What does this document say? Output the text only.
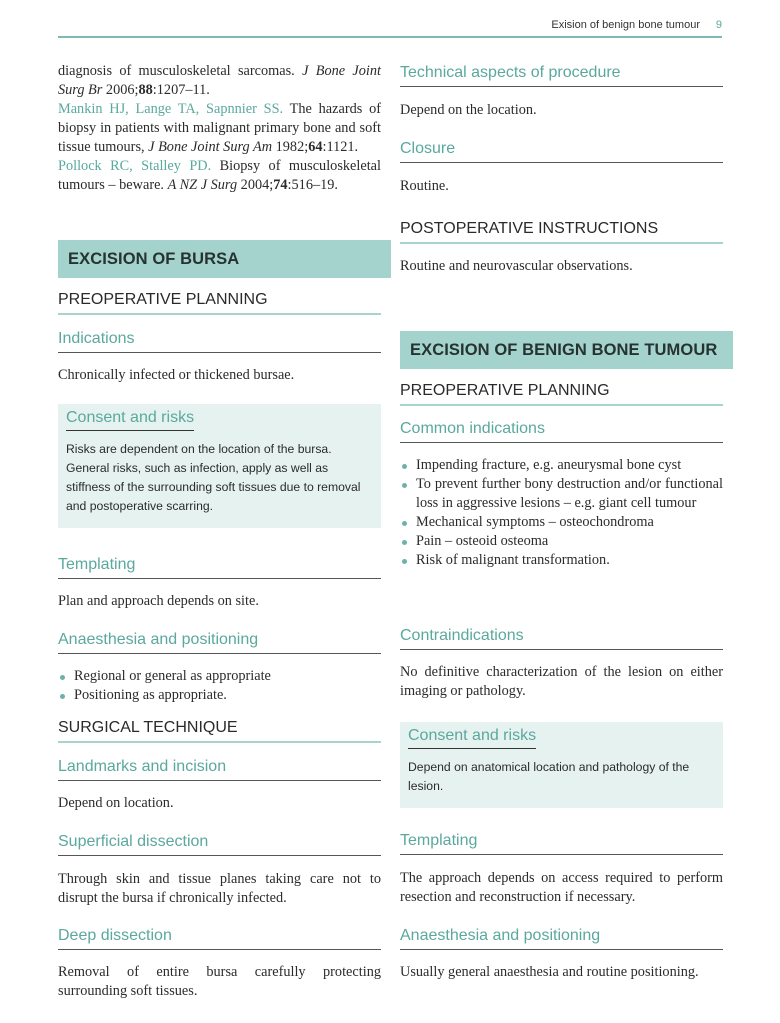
Exision of benign bone tumour 9

diagnosis of musculoskeletal sarcomas. J Bone Joint Surg Br 2006;88:1207–11.

Mankin HJ, Lange TA, Sapnnier SS. The hazards of biopsy in patients with malignant primary bone and soft tissue tumours, J Bone Joint Surg Am 1982;64:1121.

Pollock RC, Stalley PD. Biopsy of musculoskeletal tumours – beware. A NZ J Surg 2004;74:516–19.

EXCISION OF BURSA
PREOPERATIVE PLANNING
Indications

Chronically infected or thickened bursae.

Consent and risks
Risks are dependent on the location of the bursa. General risks, such as infection, apply as well as stiffness of the surrounding soft tissues due to removal and postoperative scarring.
Templating

Plan and approach depends on site.

Anaesthesia and positioning
Regional or general as appropriate
Positioning as appropriate.
SURGICAL TECHNIQUE
Landmarks and incision

Depend on location.

Superficial dissection

Through skin and tissue planes taking care not to disrupt the bursa if chronically infected.

Deep dissection

Removal of entire bursa carefully protecting surrounding soft tissues.

Technical aspects of procedure

Depend on the location.

Closure

Routine.

POSTOPERATIVE INSTRUCTIONS

Routine and neurovascular observations.

EXCISION OF BENIGN BONE TUMOUR
PREOPERATIVE PLANNING
Common indications
Impending fracture, e.g. aneurysmal bone cyst
To prevent further bony destruction and/or functional loss in aggressive lesions – e.g. giant cell tumour
Mechanical symptoms – osteochondroma
Pain – osteoid osteoma
Risk of malignant transformation.
Contraindications

No definitive characterization of the lesion on either imaging or pathology.

Consent and risks
Depend on anatomical location and pathology of the lesion.
Templating

The approach depends on access required to perform resection and reconstruction if necessary.

Anaesthesia and positioning

Usually general anaesthesia and routine positioning.
